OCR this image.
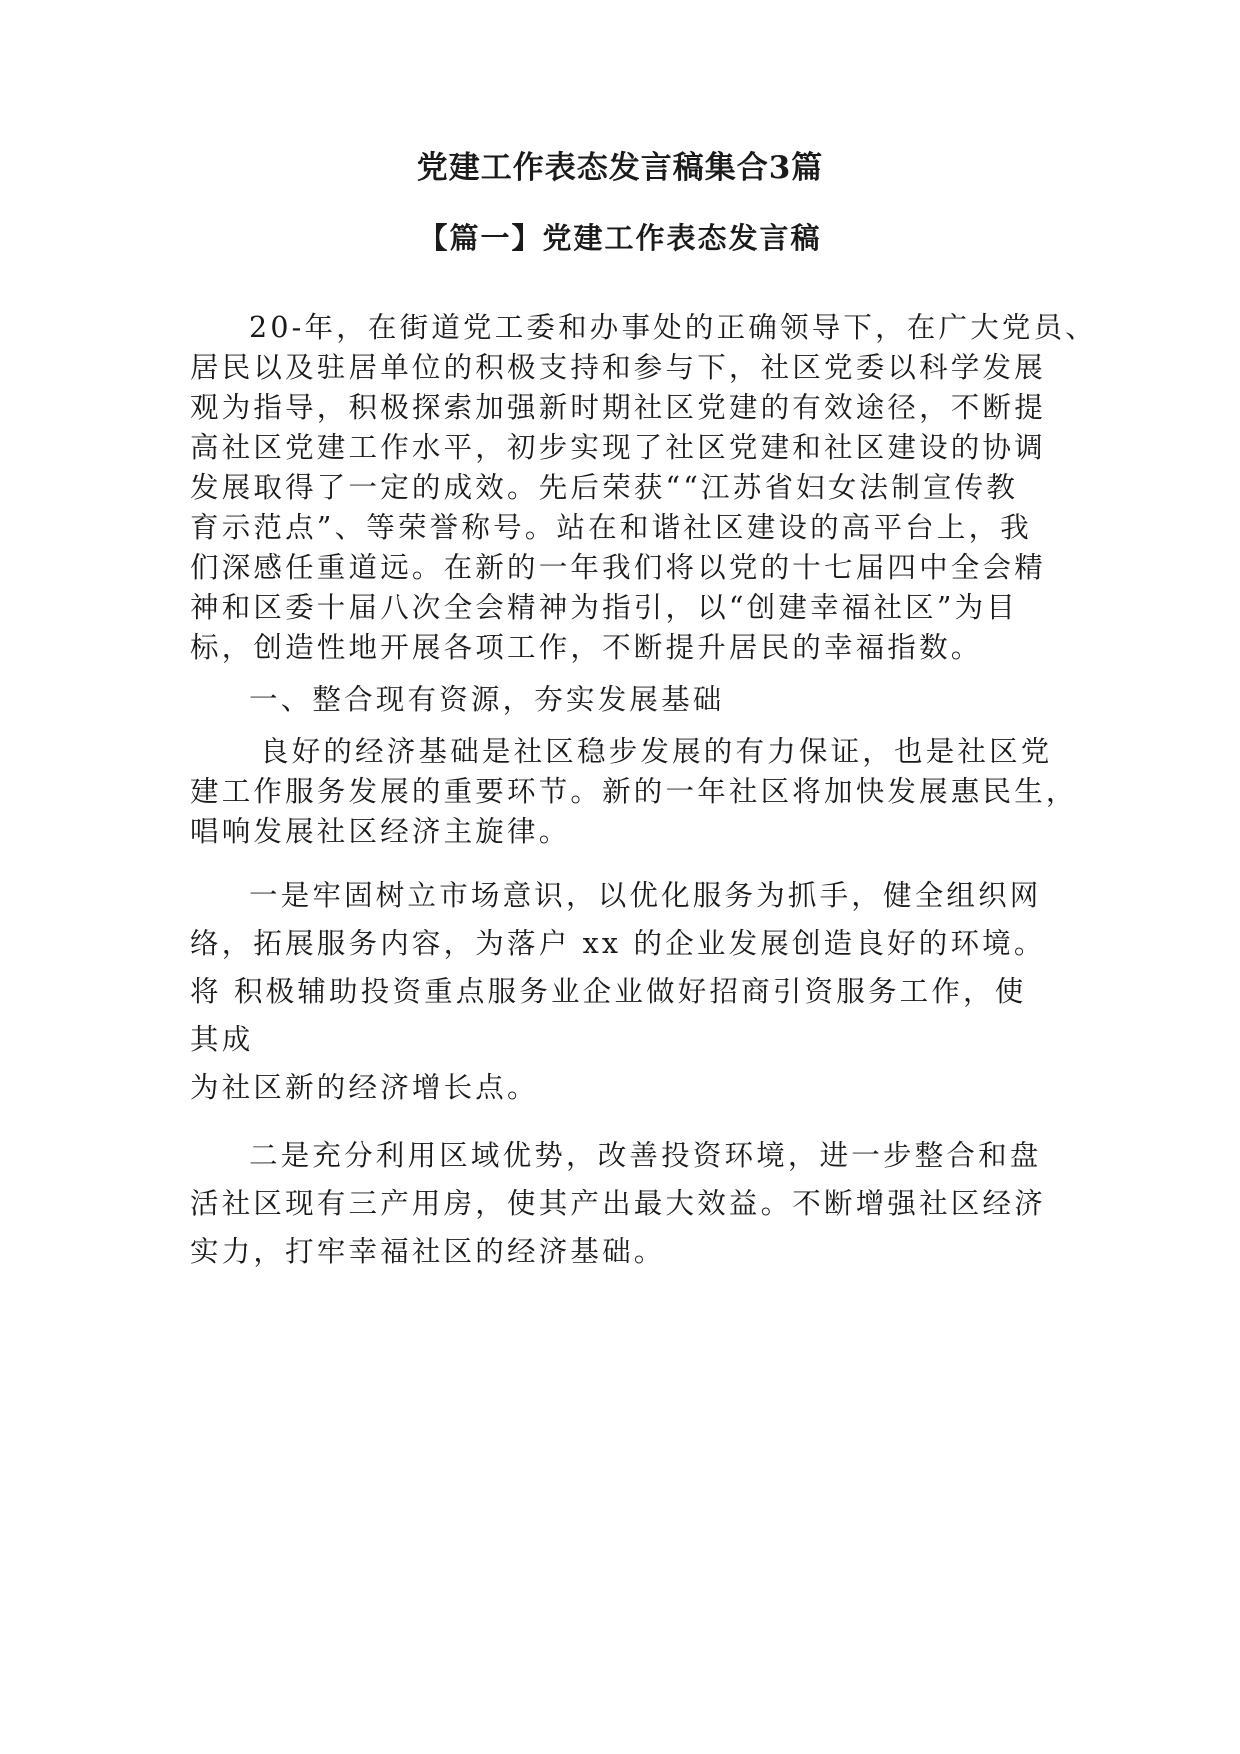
党建工作表态发言稿集合3篇
【篇一】党建工作表态发言稿
20-年，在街道党工委和办事处的正确领导下，在广大党员、
居民以及驻居单位的积极支持和参与下，社区党委以科学发展
观为指导，积极探索加强新时期社区党建的有效途径，不断提
高社区党建工作水平，初步实现了社区党建和社区建设的协调
发展取得了一定的成效。先后荣获““江苏省妇女法制宣传教
育示范点”、等荣誉称号。站在和谐社区建设的高平台上，我
们深感任重道远。在新的一年我们将以党的十七届四中全会精
神和区委十届八次全会精神为指引，以“创建幸福社区”为目
标，创造性地开展各项工作，不断提升居民的幸福指数。
一、整合现有资源，夯实发展基础
良好的经济基础是社区稳步发展的有力保证，也是社区党
建工作服务发展的重要环节。新的一年社区将加快发展惠民生，
唱响发展社区经济主旋律。
一是牢固树立市场意识，以优化服务为抓手，健全组织网
络，拓展服务内容，为落户 xx 的企业发展创造良好的环境。
将 积极辅助投资重点服务业企业做好招商引资服务工作，使
其成
为社区新的经济增长点。
二是充分利用区域优势，改善投资环境，进一步整合和盘
活社区现有三产用房，使其产出最大效益。不断增强社区经济
实力，打牢幸福社区的经济基础。
